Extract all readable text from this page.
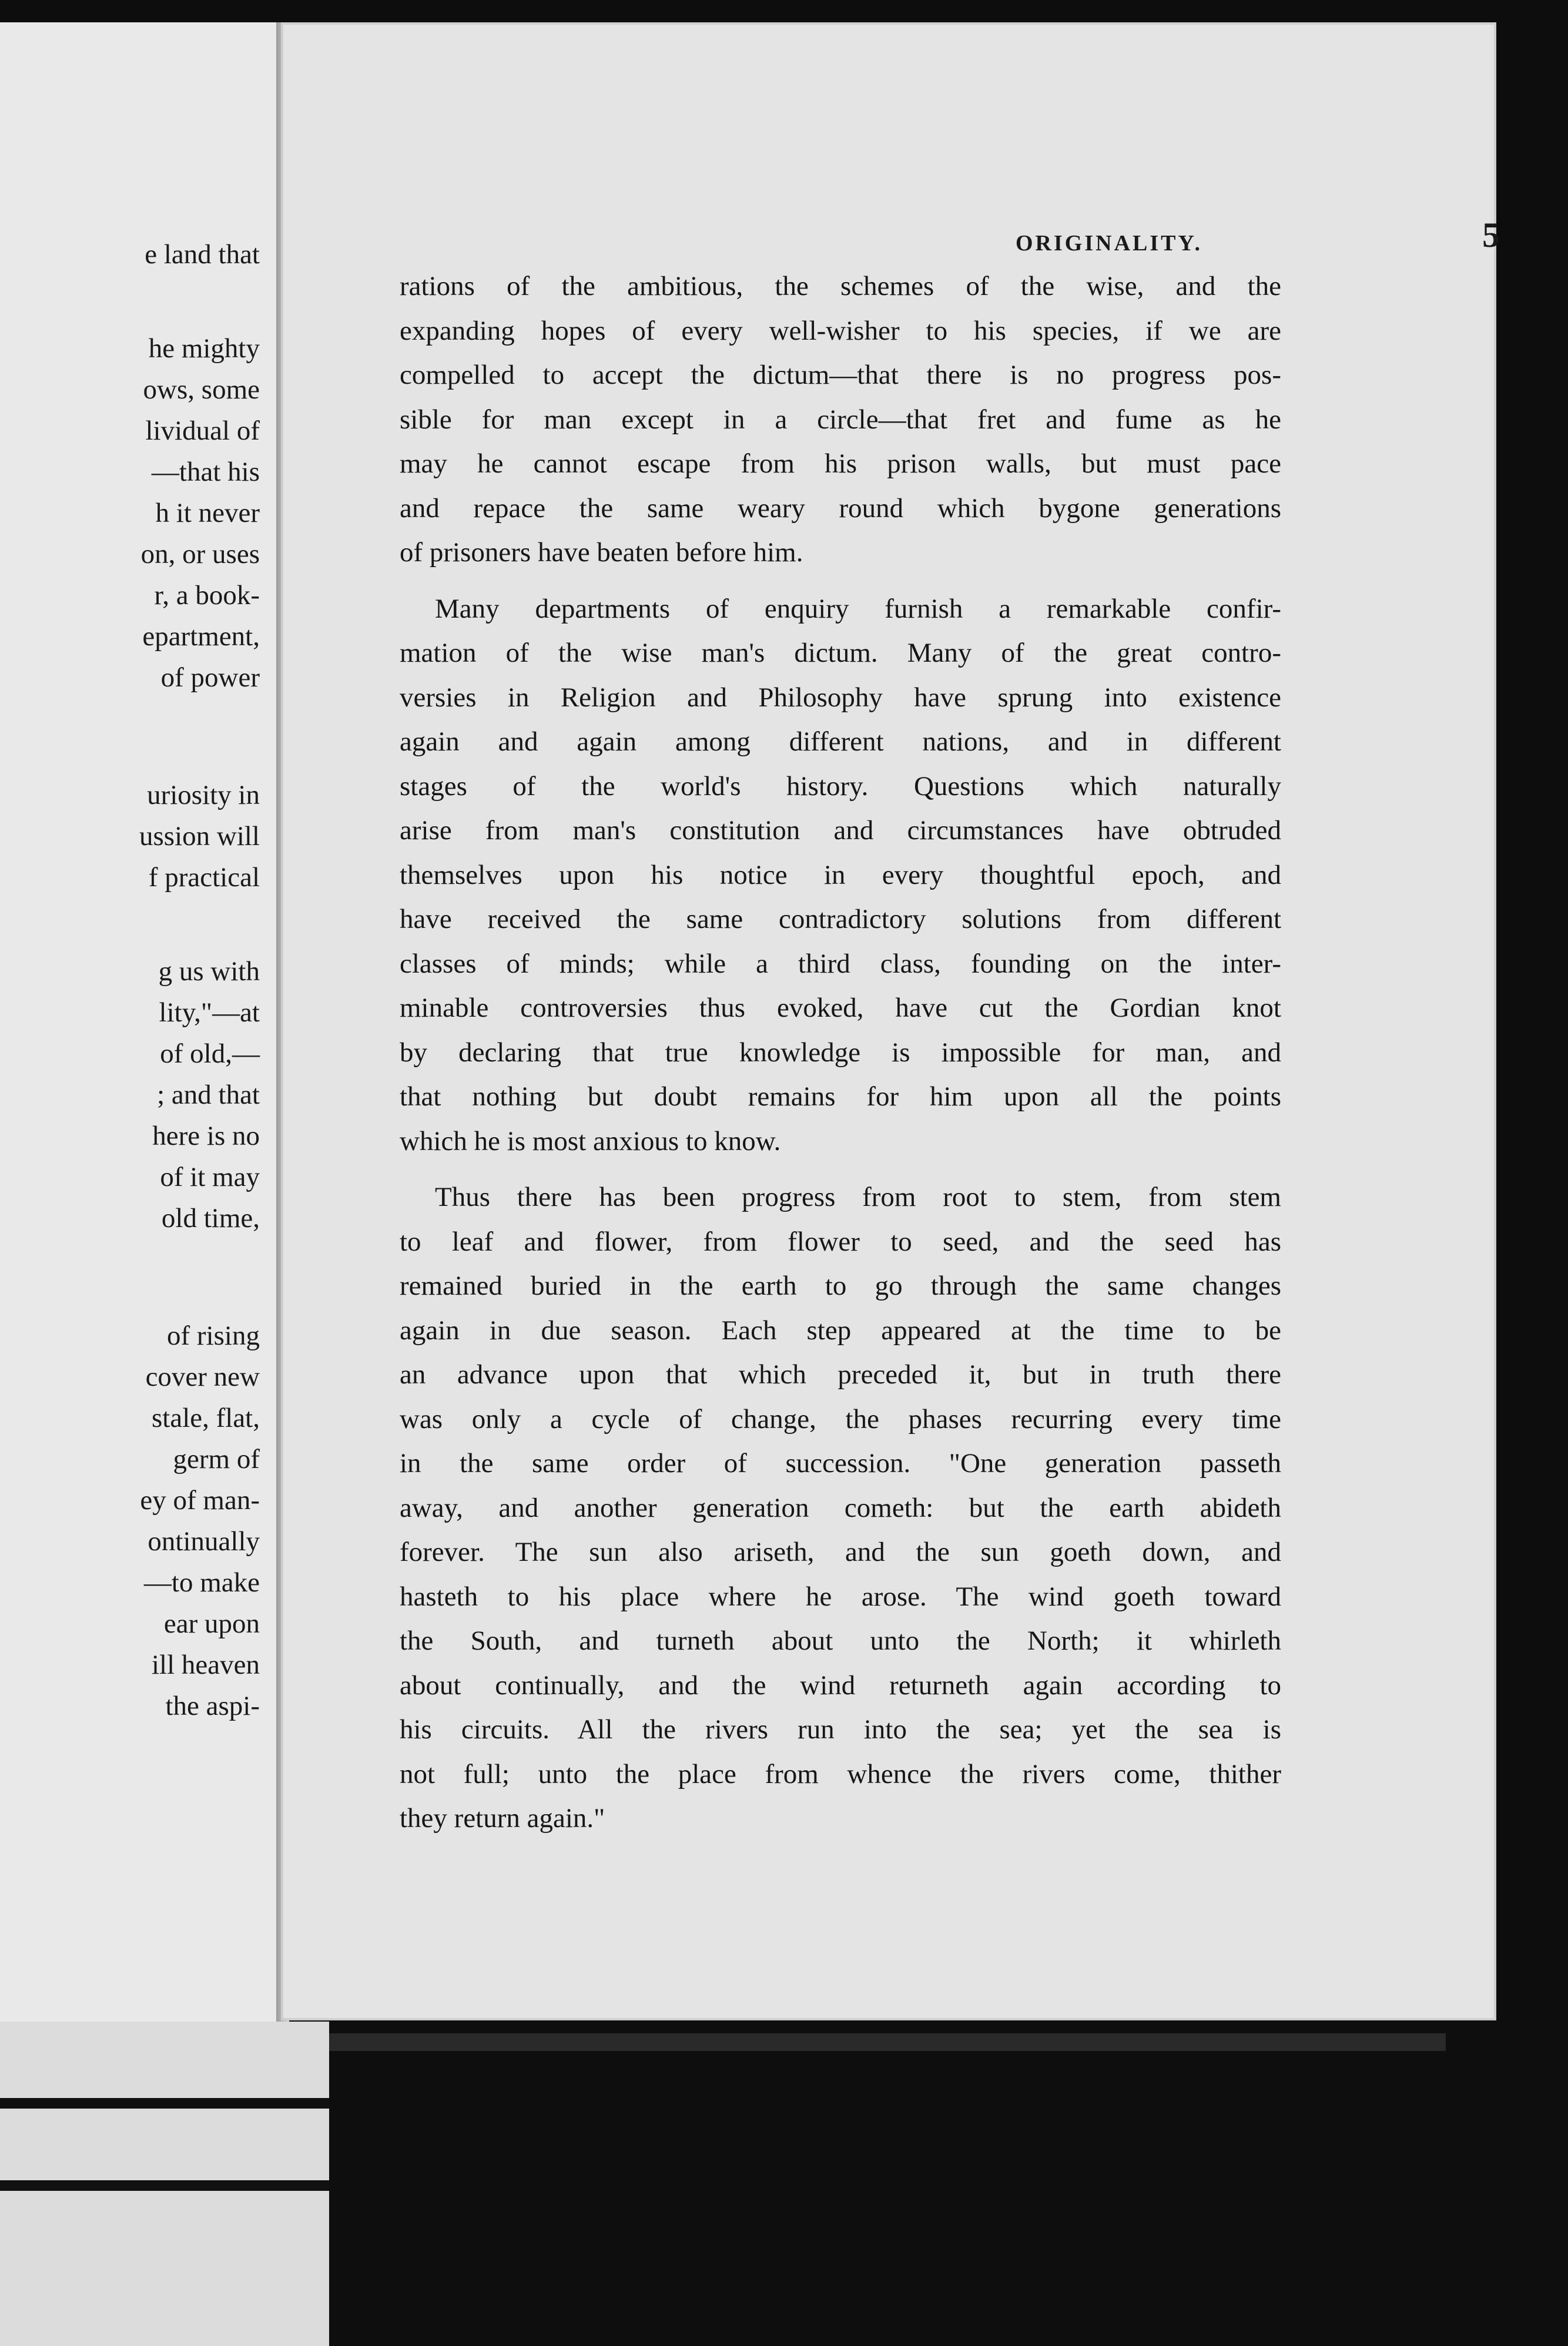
e land that
he mighty
ows, some
lividual of
—that his
h it never
on, or uses
r, a book-
epartment,
of power
uriosity in
ussion will
f practical
g us with
lity,"—at
of old,—
; and that
here is no
of it may
old time,
of rising
cover new
stale, flat,
germ of
ey of man-
ontinually
—to make
ear upon
ill heaven
the aspi-
ORIGINALITY.	5
rations of the ambitious, the schemes of the wise, and the
expanding hopes of every well-wisher to his species, if we are
compelled to accept the dictum—that there is no progress pos-
sible for man except in a circle—that fret and fume as he
may he cannot escape from his prison walls, but must pace
and repace the same weary round which bygone generations
of prisoners have beaten before him.
Many departments of enquiry furnish a remarkable confir-
mation of the wise man's dictum. Many of the great contro-
versies in Religion and Philosophy have sprung into existence
again and again among different nations, and in different
stages of the world's history. Questions which naturally
arise from man's constitution and circumstances have obtruded
themselves upon his notice in every thoughtful epoch, and
have received the same contradictory solutions from different
classes of minds; while a third class, founding on the inter-
minable controversies thus evoked, have cut the Gordian knot
by declaring that true knowledge is impossible for man, and
that nothing but doubt remains for him upon all the points
which he is most anxious to know.
Thus there has been progress from root to stem, from stem
to leaf and flower, from flower to seed, and the seed has
remained buried in the earth to go through the same changes
again in due season. Each step appeared at the time to be
an advance upon that which preceded it, but in truth there
was only a cycle of change, the phases recurring every time
in the same order of succession. "One generation passeth
away, and another generation cometh: but the earth abideth
forever. The sun also ariseth, and the sun goeth down, and
hasteth to his place where he arose. The wind goeth toward
the South, and turneth about unto the North; it whirleth
about continually, and the wind returneth again according to
his circuits. All the rivers run into the sea; yet the sea is
not full; unto the place from whence the rivers come, thither
they return again."
